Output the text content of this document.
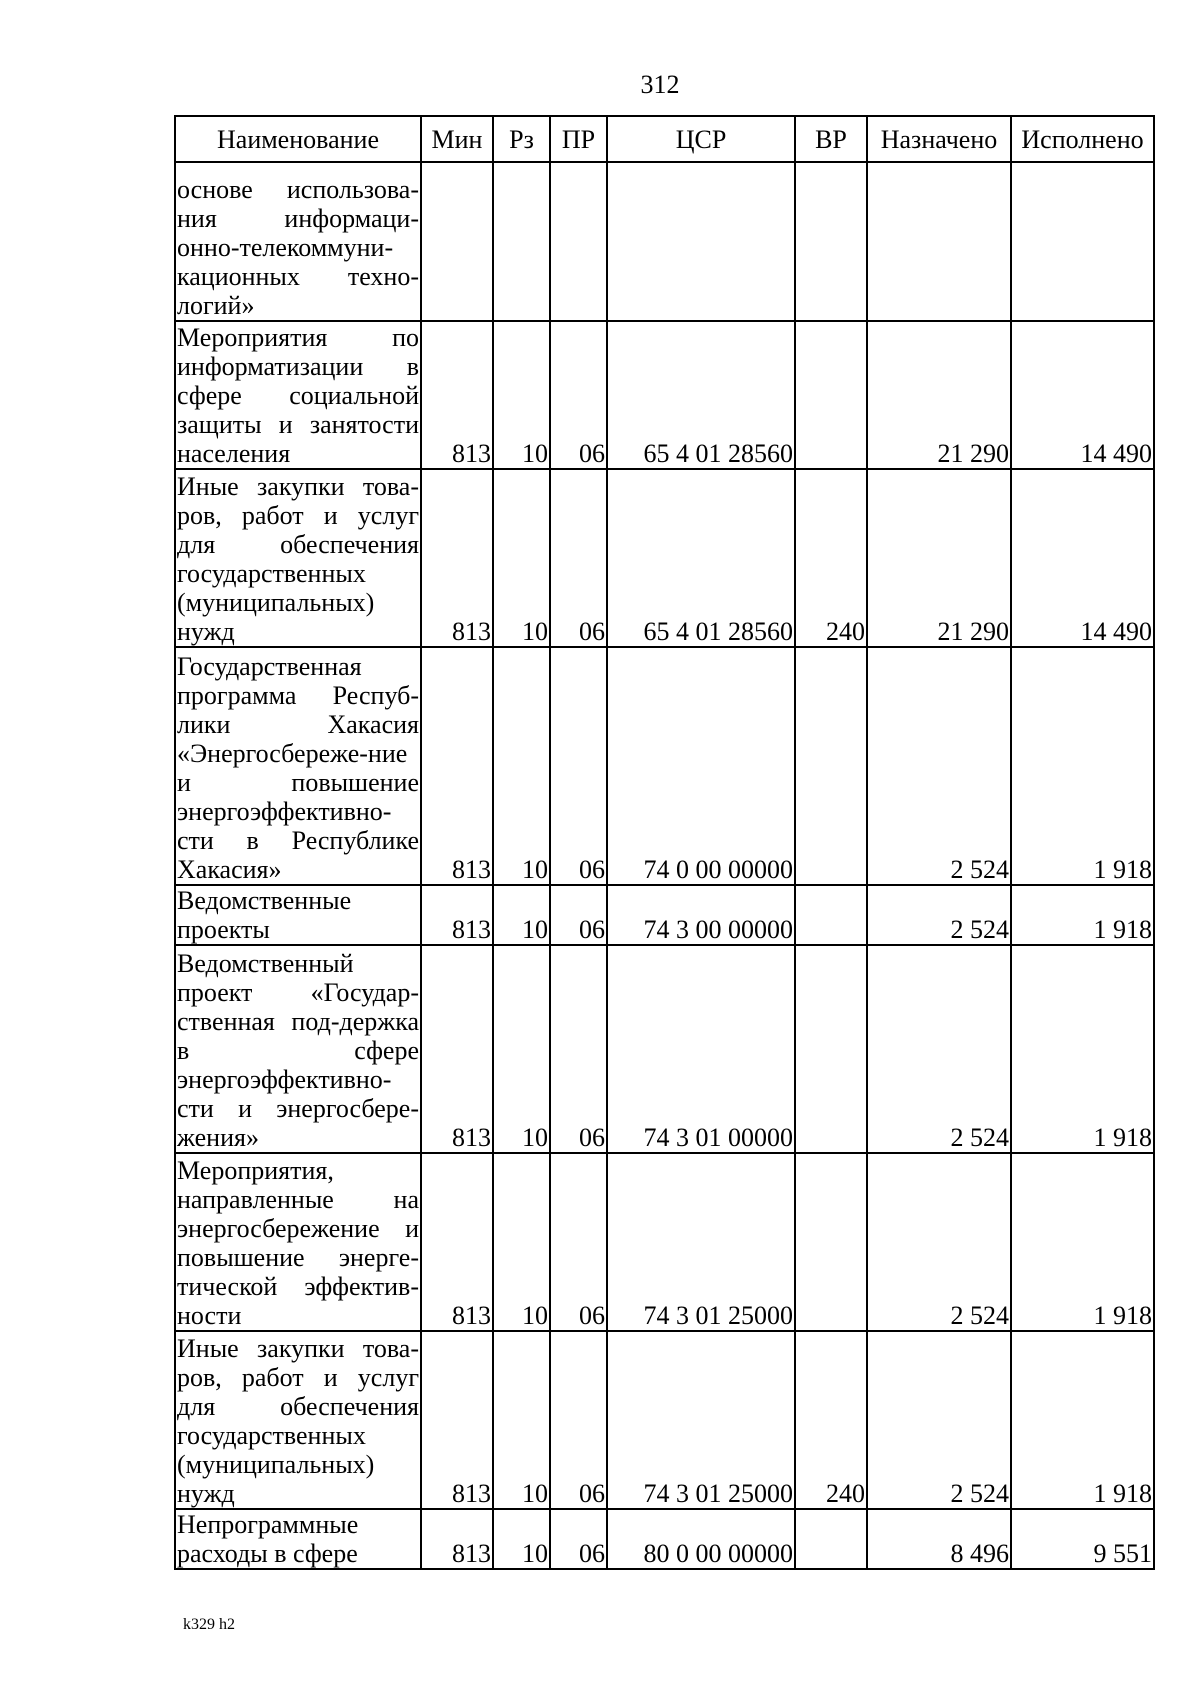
312
Наименование	Мин	Рз	ПР	ЦСР	ВР	Назначено	Исполнено
основе использова-ния информаци-онно-телекоммуни-кационных техно-логий»							
Мероприятия по информатизации в сфере социальной защиты и занятости населения	813	10	06	65 4 01 28560		21 290	14 490
Иные закупки това-ров, работ и услуг для обеспечения государственных (муниципальных) нужд	813	10	06	65 4 01 28560	240	21 290	14 490
Государственная программа Респуб-лики Хакасия «Энергосбереже-ние и повышение энергоэффективно-сти в Республике Хакасия»	813	10	06	74 0 00 00000		2 524	1 918
Ведомственные проекты	813	10	06	74 3 00 00000		2 524	1 918
Ведомственный проект «Государ-ственная под-держка в сфере энергоэффективно-сти и энергосбере-жения»	813	10	06	74 3 01 00000		2 524	1 918
Мероприятия, направленные на энергосбережение и повышение энерге-тической эффектив-ности	813	10	06	74 3 01 25000		2 524	1 918
Иные закупки това-ров, работ и услуг для обеспечения государственных (муниципальных) нужд	813	10	06	74 3 01 25000	240	2 524	1 918
Непрограммные расходы в сфере	813	10	06	80 0 00 00000		8 496	9 551
k329 h2
